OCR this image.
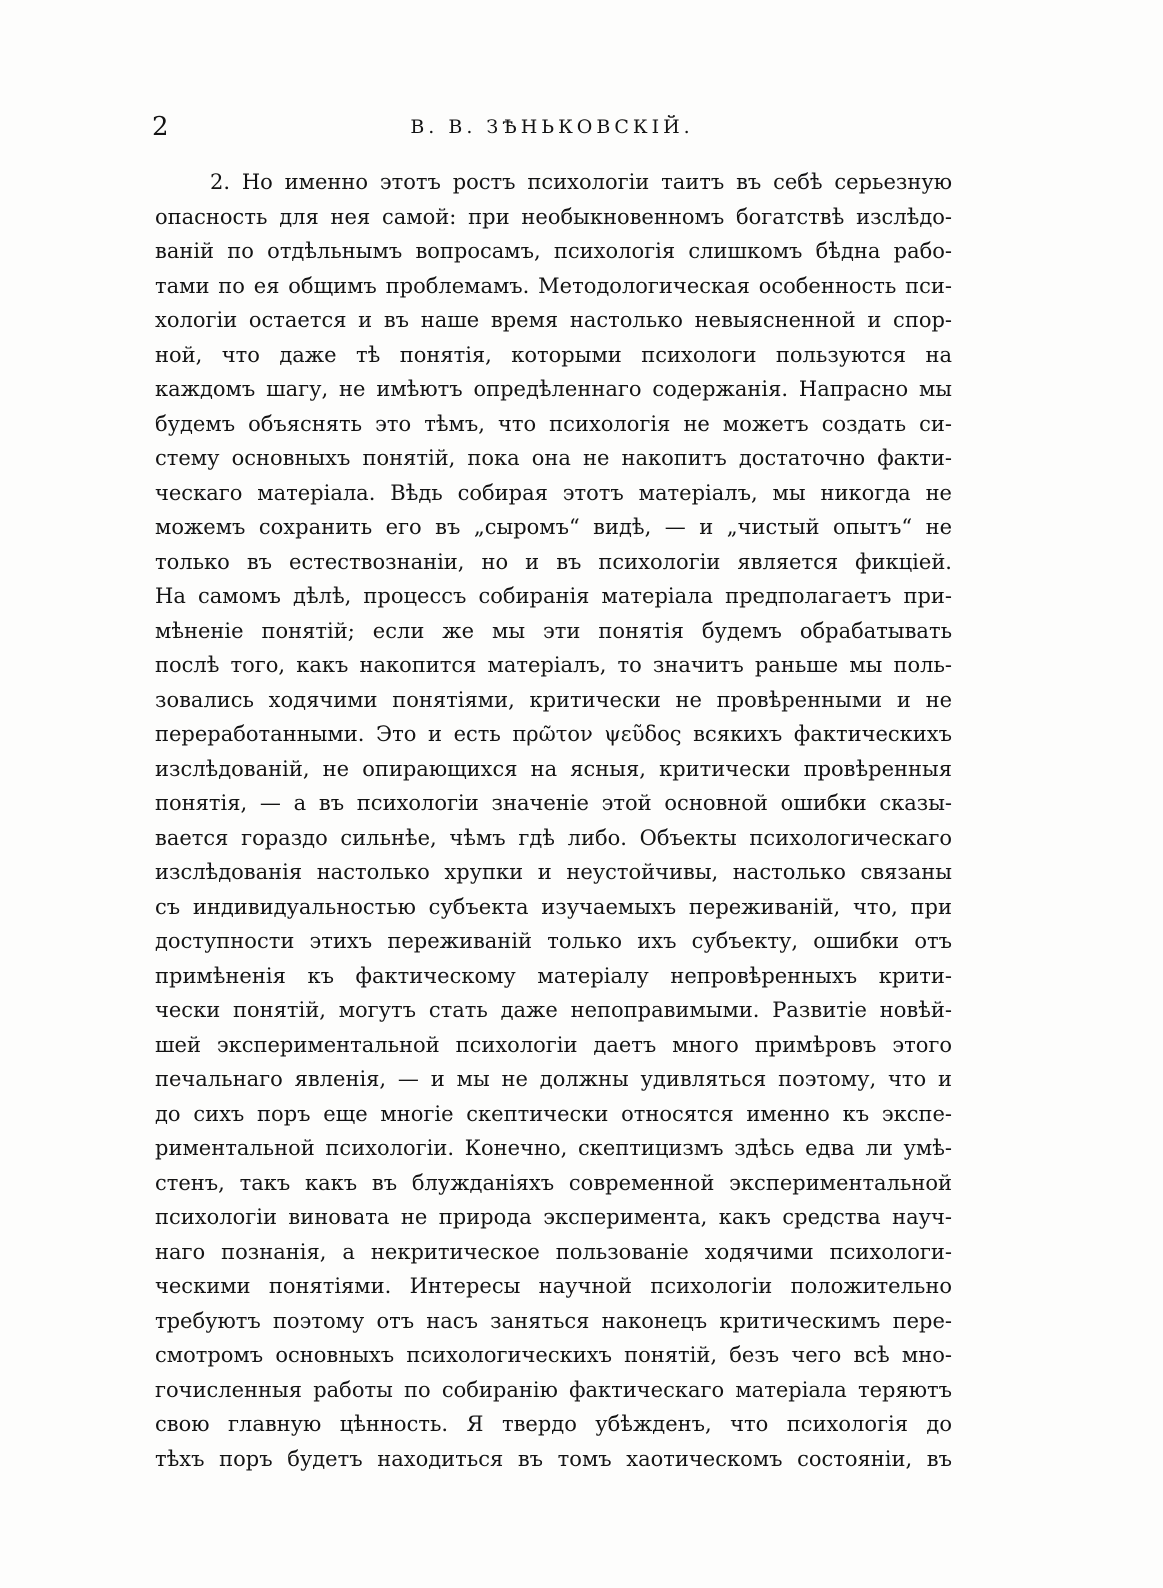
2	В. В. ЗѢНЬКОВСКІЙ.
2. Но именно этотъ ростъ психологіи таитъ въ себѣ серьезную
опасность для нея самой: при необыкновенномъ богатствѣ изслѣдо-
ваній по отдѣльнымъ вопросамъ, психологія слишкомъ бѣдна рабо-
тами по ея общимъ проблемамъ. Методологическая особенность пси-
хологіи остается и въ наше время настолько невыясненной и спор-
ной, что даже тѣ понятія, которыми психологи пользуются на
каждомъ шагу, не имѣютъ опредѣленнаго содержанія. Напрасно мы
будемъ объяснять это тѣмъ, что психологія не можетъ создать си-
стему основныхъ понятій, пока она не накопитъ достаточно факти-
ческаго матеріала. Вѣдь собирая этотъ матеріалъ, мы никогда не
можемъ сохранить его въ „сыромъ“ видѣ, — и „чистый опытъ“ не
только въ естествознаніи, но и въ психологіи является фикціей.
На самомъ дѣлѣ, процессъ собиранія матеріала предполагаетъ при-
мѣненіе понятій; если же мы эти понятія будемъ обрабатывать
послѣ того, какъ накопится матеріалъ, то значитъ раньше мы поль-
зовались ходячими понятіями, критически не провѣренными и не
переработанными. Это и есть πρῶτον ψεῦδος всякихъ фактическихъ
изслѣдованій, не опирающихся на ясныя, критически провѣренныя
понятія, — а въ психологіи значеніе этой основной ошибки сказы-
вается гораздо сильнѣе, чѣмъ гдѣ либо. Объекты психологическаго
изслѣдованія настолько хрупки и неустойчивы, настолько связаны
съ индивидуальностью субъекта изучаемыхъ переживаній, что, при
доступности этихъ переживаній только ихъ субъекту, ошибки отъ
примѣненія къ фактическому матеріалу непровѣренныхъ крити-
чески понятій, могутъ стать даже непоправимыми. Развитіе новѣй-
шей экспериментальной психологіи даетъ много примѣровъ этого
печальнаго явленія, — и мы не должны удивляться поэтому, что и
до сихъ поръ еще многіе скептически относятся именно къ экспе-
риментальной психологіи. Конечно, скептицизмъ здѣсь едва ли умѣ-
стенъ, такъ какъ въ блужданіяхъ современной экспериментальной
психологіи виновата не природа эксперимента, какъ средства науч-
наго познанія, а некритическое пользованіе ходячими психологи-
ческими понятіями. Интересы научной психологіи положительно
требуютъ поэтому отъ насъ заняться наконецъ критическимъ пере-
смотромъ основныхъ психологическихъ понятій, безъ чего всѣ мно-
гочисленныя работы по собиранію фактическаго матеріала теряютъ
свою главную цѣнность. Я твердо убѣжденъ, что психологія до
тѣхъ поръ будетъ находиться въ томъ хаотическомъ состояніи, въ
